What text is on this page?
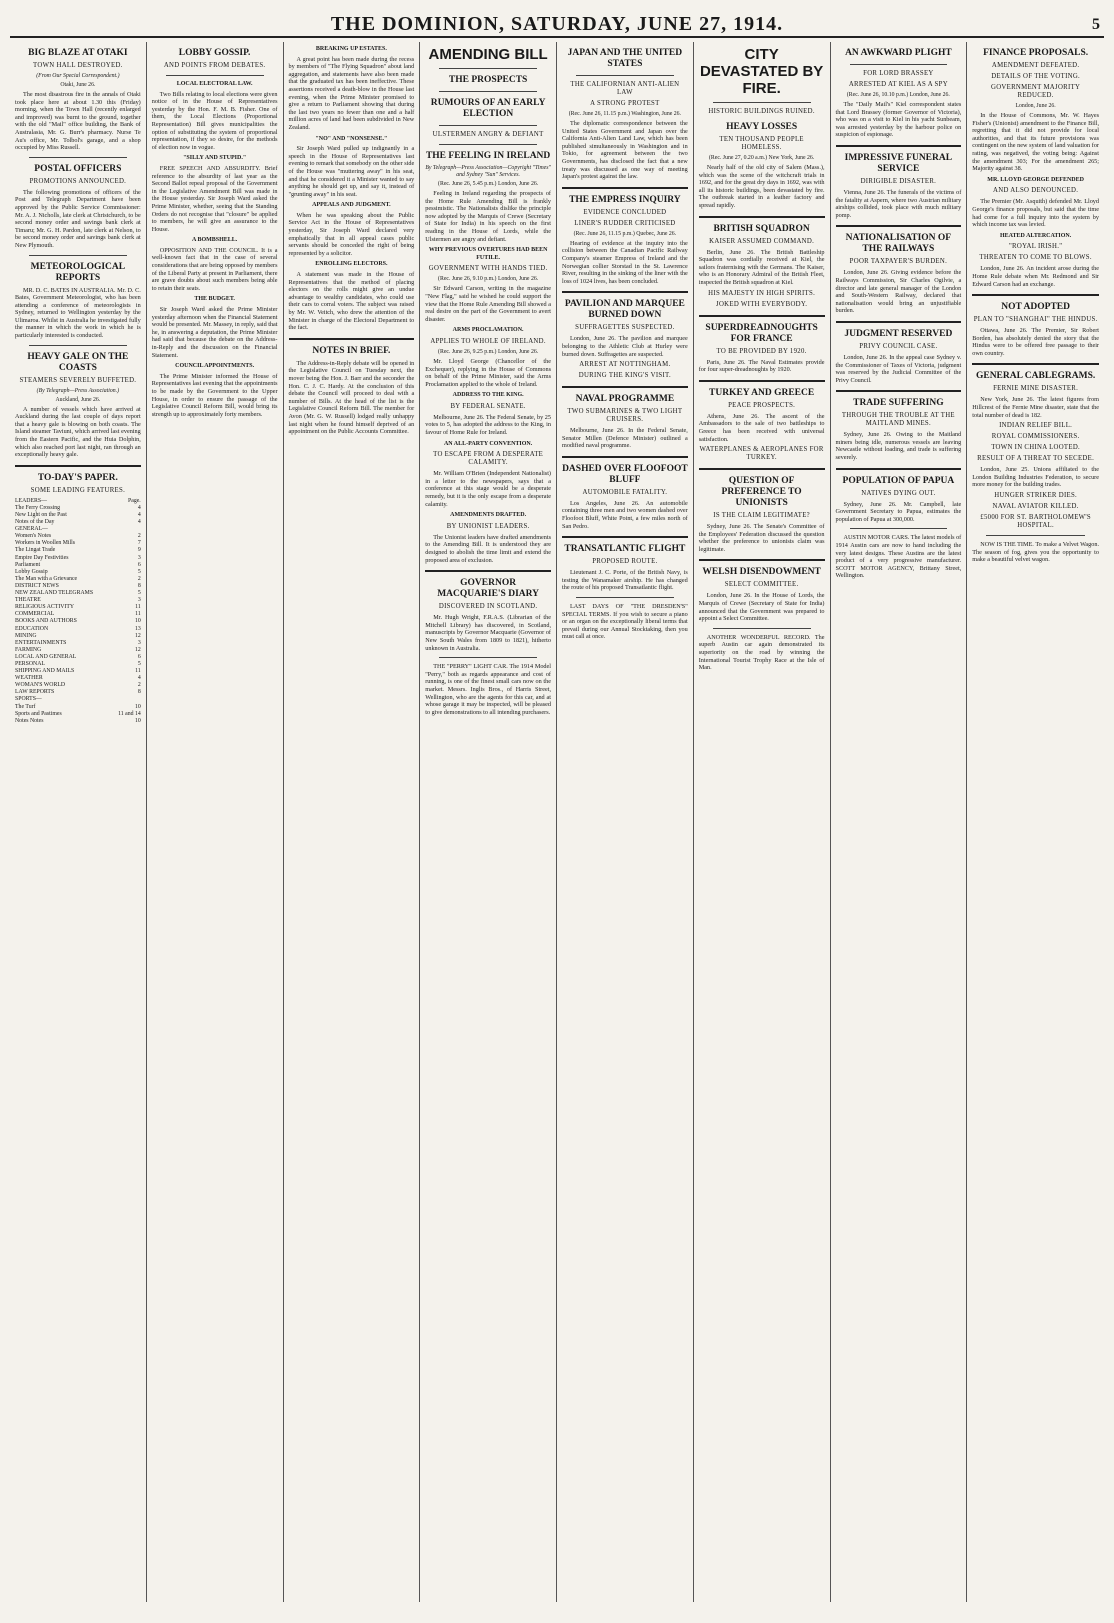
THE DOMINION, SATURDAY, JUNE 27, 1914.	5
BIG BLAZE AT OTAKI
TOWN HALL DESTROYED.
(From Our Special Correspondent.)
Otaki, June 26.

The most disastrous fire in the annals of Otaki took place here at about 1.30 this (Friday) morning, when the Town Hall (recently enlarged and improved) was burnt to the ground, together with the old "Mail" office building, the Bank of Australasia, Mr. G. Burr's pharmacy. Nurse Te Au's office, Mr. Tolbol's garage, and a shop occupied by Miss Russell.

POSTAL OFFICERS
PROMOTIONS ANNOUNCED.

The following promotions of officers of the Post and Telegraph Department have been approved by the Public Service Commissioner: Mr. A. J. Nicholls, late clerk at Christchurch, to be second money order and savings bank clerk at Timaru; Mr. G. H. Pardon, late clerk at Nelson, to be second money order and savings bank clerk at New Plymouth.

METEOROLOGICAL REPORTS

MR. D. C. BATES IN AUSTRALIA. Mr. D. C. Bates, Government Meteorologist, who has been attending a conference of meteorologists in Sydney, returned to Wellington yesterday by the Ulimaroa. Whilst in Australia he investigated fully the manner in which the work in which he is particularly interested is conducted.

HEAVY GALE ON THE COASTS
STEAMERS SEVERELY BUFFETED.
(By Telegraph—Press Association.)
Auckland, June 26.

A number of vessels which have arrived at Auckland during the last couple of days report that a heavy gale is blowing on both coasts. The Island steamer Taviuni, which arrived last evening from the Eastern Pacific, and the Huia Dolphin, which also reached port last night, ran through an exceptionally heavy gale.

TO-DAY'S PAPER.
SOME LEADING FEATURES.
LEADERS—	Page.
The Ferry Crossing	4
New Light on the Past	4
Notes of the Day	4
GENERAL—
Women's Notes	2
Workers in Woollen Mills	7
The Lingat Trade	9
Empire Day Festivities	3
Parliament	6
Lobby Gossip	5
The Man with a Grievance	2
DISTRICT NEWS	8
NEW ZEALAND TELEGRAMS	5
THEATRE	3
RELIGIOUS ACTIVITY	11
COMMERCIAL	11
BOOKS AND AUTHORS	10
EDUCATION	13
MINING	12
ENTERTAINMENTS	3
FARMING	12
LOCAL AND GENERAL	6
PERSONAL	5
SHIPPING AND MAILS	11
WEATHER	4
WOMAN'S WORLD	2
LAW REPORTS	8
SPORTS—
The Turf	10
Sports and Pastimes	11 and 14
Notes Notes	10
LOBBY GOSSIP.
AND POINTS FROM DEBATES.
LOCAL ELECTORAL LAW.

Two Bills relating to local elections were given notice of in the House of Representatives yesterday by the Hon. F. M. B. Fisher. One of them, the Local Elections (Proportional Representation) Bill gives municipalities the option of substituting the system of proportional representation, if they so desire, for the methods of election now in vogue.

"SILLY AND STUPID."

FREE SPEECH AND ABSURDITY. Brief reference to the absurdity of last year as the Second Ballot repeal proposal of the Government in the Legislative Amendment Bill was made in the House yesterday. Sir Joseph Ward asked the Prime Minister, whether, seeing that the Standing Orders do not recognise that "closure" be applied to members, he will give an assurance to the House.

A BOMBSHELL.

OPPOSITION AND THE COUNCIL. It is a well-known fact that in the case of several considerations that are being opposed by members of the Liberal Party at present in Parliament, there are grave doubts about such members being able to retain their seats.

THE BUDGET.

Sir Joseph Ward asked the Prime Minister yesterday afternoon when the Financial Statement would be presented. Mr. Massey, in reply, said that he, in answering a deputation, the Prime Minister had said that because the debate on the Address-in-Reply and the discussion on the Financial Statement.

COUNCIL APPOINTMENTS.

The Prime Minister informed the House of Representatives last evening that the appointments to be made by the Government to the Upper House, in order to ensure the passage of the Legislative Council Reform Bill, would bring its strength up to approximately forty members.

BREAKING UP ESTATES.

A great point has been made during the recess by members of "The Flying Squadron" about land aggregation, and statements have also been made that the graduated tax has been ineffective. These assertions received a death-blow in the House last evening, when the Prime Minister promised to give a return to Parliament showing that during the last two years no fewer than one and a half million acres of land had been subdivided in New Zealand.

"NO" AND "NONSENSE."

Sir Joseph Ward pulled up indignantly in a speech in the House of Representatives last evening to remark that somebody on the other side of the House was "muttering away" in his seat, and that he considered it a Minister wanted to say anything he should get up, and say it, instead of "grunting away" in his seat.

APPEALS AND JUDGMENT.

When he was speaking about the Public Service Act in the House of Representatives yesterday, Sir Joseph Ward declared very emphatically that in all appeal cases public servants should be conceded the right of being represented by a solicitor.

ENROLLING ELECTORS.

A statement was made in the House of Representatives that the method of placing electors on the rolls might give an undue advantage to wealthy candidates, who could use their cars to corral voters. The subject was raised by Mr. W. Veitch, who drew the attention of the Minister in charge of the Electoral Department to the fact.

NOTES IN BRIEF.

The Address-in-Reply debate will be opened in the Legislative Council on Tuesday next, the mover being the Hon. J. Barr and the seconder the Hon. C. J. C. Hardy. At the conclusion of this debate the Council will proceed to deal with a number of Bills. At the head of the list is the Legislative Council Reform Bill. The member for Avon (Mr. G. W. Russell) lodged really unhappy last night when he found himself deprived of an appointment on the Public Accounts Committee.

AMENDING BILL
THE PROSPECTS
RUMOURS OF AN EARLY ELECTION
ULSTERMEN ANGRY & DEFIANT
THE FEELING IN IRELAND
By Telegraph—Press Association—Copyright "Times" and Sydney "Sun" Services.
(Rec. June 26, 5.45 p.m.) London, June 26.

Feeling in Ireland regarding the prospects of the Home Rule Amending Bill is frankly pessimistic. The Nationalists dislike the principle now adopted by the Marquis of Crewe (Secretary of State for India) in his speech on the first reading in the House of Lords, while the Ulstermen are angry and defiant.

WHY PREVIOUS OVERTURES HAD BEEN FUTILE.
GOVERNMENT WITH HANDS TIED.
(Rec. June 26, 9.10 p.m.) London, June 26.

Sir Edward Carson, writing in the magazine "New Flag," said he wished he could support the view that the Home Rule Amending Bill showed a real desire on the part of the Government to avert disaster.

ARMS PROCLAMATION.
APPLIES TO WHOLE OF IRELAND.
(Rec. June 26, 9.25 p.m.) London, June 26.

Mr. Lloyd George (Chancellor of the Exchequer), replying in the House of Commons on behalf of the Prime Minister, said the Arms Proclamation applied to the whole of Ireland.

ADDRESS TO THE KING.
BY FEDERAL SENATE.

Melbourne, June 26. The Federal Senate, by 25 votes to 5, has adopted the address to the King, in favour of Home Rule for Ireland.

AN ALL-PARTY CONVENTION.
TO ESCAPE FROM A DESPERATE CALAMITY.

Mr. William O'Brien (Independent Nationalist) in a letter to the newspapers, says that a conference at this stage would be a desperate remedy, but it is the only escape from a desperate calamity.

AMENDMENTS DRAFTED.
BY UNIONIST LEADERS.

The Unionist leaders have drafted amendments to the Amending Bill. It is understood they are designed to abolish the time limit and extend the proposed area of exclusion.

GOVERNOR MACQUARIE'S DIARY
DISCOVERED IN SCOTLAND.

Mr. Hugh Wright, F.R.A.S. (Librarian of the Mitchell Library) has discovered, in Scotland, manuscripts by Governor Macquarie (Governor of New South Wales from 1809 to 1821), hitherto unknown in Australia.

THE "PERRY" LIGHT CAR. The 1914 Model "Perry," both as regards appearance and cost of running, is one of the finest small cars now on the market. Messrs. Inglis Bros., of Harris Street, Wellington, who are the agents for this car, and at whose garage it may be inspected, will be pleased to give demonstrations to all intending purchasers.

JAPAN AND THE UNITED STATES
THE CALIFORNIAN ANTI-ALIEN LAW
A STRONG PROTEST
(Rec. June 26, 11.15 p.m.) Washington, June 26.

The diplomatic correspondence between the United States Government and Japan over the California Anti-Alien Land Law, which has been published simultaneously in Washington and in Tokio, for agreement between the two Governments, has disclosed the fact that a new treaty was discussed as one way of meeting Japan's protest against the law.

THE EMPRESS INQUIRY
EVIDENCE CONCLUDED
LINER'S RUDDER CRITICISED
(Rec. June 26, 11.15 p.m.) Quebec, June 26.

Hearing of evidence at the inquiry into the collision between the Canadian Pacific Railway Company's steamer Empress of Ireland and the Norwegian collier Storstad in the St. Lawrence River, resulting in the sinking of the liner with the loss of 1024 lives, has been concluded.

PAVILION AND MARQUEE BURNED DOWN
SUFFRAGETTES SUSPECTED.

London, June 26. The pavilion and marquee belonging to the Athletic Club at Hurley were burned down. Suffragettes are suspected.

ARREST AT NOTTINGHAM.
DURING THE KING'S VISIT.
NAVAL PROGRAMME
TWO SUBMARINES & TWO LIGHT CRUISERS.

Melbourne, June 26. In the Federal Senate, Senator Millen (Defence Minister) outlined a modified naval programme.

DASHED OVER FLOOFOOT BLUFF
AUTOMOBILE FATALITY.

Los Angeles, June 26. An automobile containing three men and two women dashed over Floofoot Bluff, White Point, a few miles north of San Pedro.

TRANSATLANTIC FLIGHT
PROPOSED ROUTE.

Lieutenant J. C. Porte, of the British Navy, is testing the Wanamaker airship. He has changed the route of his proposed Transatlantic flight.

LAST DAYS OF "THE DRESDEN'S" SPECIAL TERMS. If you wish to secure a piano or an organ on the exceptionally liberal terms that prevail during our Annual Stocktaking, then you must call at once.

CITY DEVASTATED BY FIRE.
HISTORIC BUILDINGS RUINED.
HEAVY LOSSES
TEN THOUSAND PEOPLE HOMELESS.
(Rec. June 27, 0.20 a.m.) New York, June 26.

Nearly half of the old city of Salem (Mass.), which was the scene of the witchcraft trials in 1692, and for the great dry days in 1692, was with all its historic buildings, been devastated by fire. The outbreak started in a leather factory and spread rapidly.

BRITISH SQUADRON
KAISER ASSUMED COMMAND.

Berlin, June 26. The British Battleship Squadron was cordially received at Kiel, the sailors fraternising with the Germans. The Kaiser, who is an Honorary Admiral of the British Fleet, inspected the British squadron at Kiel.

HIS MAJESTY IN HIGH SPIRITS.
JOKED WITH EVERYBODY.
SUPERDREADNOUGHTS FOR FRANCE
TO BE PROVIDED BY 1920.

Paris, June 26. The Naval Estimates provide for four super-dreadnoughts by 1920.

TURKEY AND GREECE
PEACE PROSPECTS.

Athens, June 26. The ascent of the Ambassadors to the sale of two battleships to Greece has been received with universal satisfaction.

WATERPLANES & AEROPLANES FOR TURKEY.
QUESTION OF PREFERENCE TO UNIONISTS
IS THE CLAIM LEGITIMATE?

Sydney, June 26. The Senate's Committee of the Employees' Federation discussed the question whether the preference to unionists claim was legitimate.

WELSH DISENDOWMENT
SELECT COMMITTEE.

London, June 26. In the House of Lords, the Marquis of Crewe (Secretary of State for India) announced that the Government was prepared to appoint a Select Committee.

ANOTHER WONDERFUL RECORD. The superb Austin car again demonstrated its superiority on the road by winning the International Tourist Trophy Race at the Isle of Man.

AN AWKWARD PLIGHT
FOR LORD BRASSEY
ARRESTED AT KIEL AS A SPY
(Rec. June 26, 10.10 p.m.) London, June 26.

The "Daily Mail's" Kiel correspondent states that Lord Brassey (former Governor of Victoria), who was on a visit to Kiel in his yacht Sunbeam, was arrested yesterday by the harbour police on suspicion of espionage.

IMPRESSIVE FUNERAL SERVICE
DIRIGIBLE DISASTER.

Vienna, June 26. The funerals of the victims of the fatality at Aspern, where two Austrian military airships collided, took place with much military pomp.

NATIONALISATION OF THE RAILWAYS
POOR TAXPAYER'S BURDEN.

London, June 26. Giving evidence before the Railways Commission, Sir Charles Ogilvie, a director and late general manager of the London and South-Western Railway, declared that nationalisation would bring an unjustifiable burden.

JUDGMENT RESERVED
PRIVY COUNCIL CASE.

London, June 26. In the appeal case Sydney v. the Commissioner of Taxes of Victoria, judgment was reserved by the Judicial Committee of the Privy Council.

TRADE SUFFERING
THROUGH THE TROUBLE AT THE MAITLAND MINES.

Sydney, June 26. Owing to the Maitland miners being idle, numerous vessels are leaving Newcastle without loading, and trade is suffering severely.

POPULATION OF PAPUA
NATIVES DYING OUT.

Sydney, June 26. Mr. Campbell, late Government Secretary to Papua, estimates the population of Papua at 300,000.

AUSTIN MOTOR CARS. The latest models of 1914 Austin cars are now to hand including the very latest designs. These Austins are the latest product of a very progressive manufacturer. SCOTT MOTOR AGENCY, Brittany Street, Wellington.

FINANCE PROPOSALS.
AMENDMENT DEFEATED.
DETAILS OF THE VOTING.
GOVERNMENT MAJORITY REDUCED.
London, June 26.

In the House of Commons, Mr. W. Hayes Fisher's (Unionist) amendment to the Finance Bill, regretting that it did not provide for local authorities, and that its future provisions was contingent on the new system of land valuation for rating, was negatived, the voting being: Against the amendment 303; For the amendment 265; Majority against 38.

MR. LLOYD GEORGE DEFENDED
AND ALSO DENOUNCED.

The Premier (Mr. Asquith) defended Mr. Lloyd George's finance proposals, but said that the time had come for a full inquiry into the system by which income tax was levied.

HEATED ALTERCATION.
"ROYAL IRISH."
THREATEN TO COME TO BLOWS.

London, June 26. An incident arose during the Home Rule debate when Mr. Redmond and Sir Edward Carson had an exchange.

NOT ADOPTED
PLAN TO "SHANGHAI" THE HINDUS.

Ottawa, June 26. The Premier, Sir Robert Borden, has absolutely denied the story that the Hindus were to be offered free passage to their own country.

GENERAL CABLEGRAMS.
FERNIE MINE DISASTER.

New York, June 26. The latest figures from Hillcrest of the Fernie Mine disaster, state that the total number of dead is 182.

INDIAN RELIEF BILL.
ROYAL COMMISSIONERS.
TOWN IN CHINA LOOTED.
RESULT OF A THREAT TO SECEDE.

London, June 25. Unions affiliated to the London Building Industries Federation, to secure more money for the building trades.

HUNGER STRIKER DIES.
NAVAL AVIATOR KILLED.
£5000 FOR ST. BARTHOLOMEW'S HOSPITAL.

NOW IS THE TIME. To make a Velvet Wagon. The season of fog, gives you the opportunity to make a beautiful velvet wagon.
